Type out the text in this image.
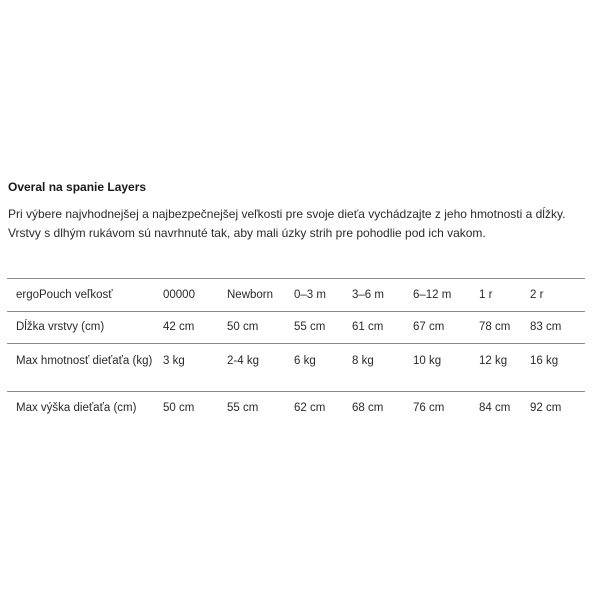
Overal na spanie Layers
Pri výbere najvhodnejšej a najbezpečnejšej veľkosti pre svoje dieťa vychádzajte z jeho hmotnosti a dĺžky. Vrstvy s dlhým rukávom sú navrhnuté tak, aby mali úzky strih pre pohodlie pod ich vakom.
ergoPouch veľkosť	00000	Newborn	0–3 m	3–6 m	6–12 m	1 r	2 r
Dĺžka vrstvy (cm)	42 cm	50 cm	55 cm	61 cm	67 cm	78 cm	83 cm
Max hmotnosť dieťaťa (kg)	3 kg	2-4 kg	6 kg	8 kg	10 kg	12 kg	16 kg
Max výška dieťaťa (cm)	50 cm	55 cm	62 cm	68 cm	76 cm	84 cm	92 cm
